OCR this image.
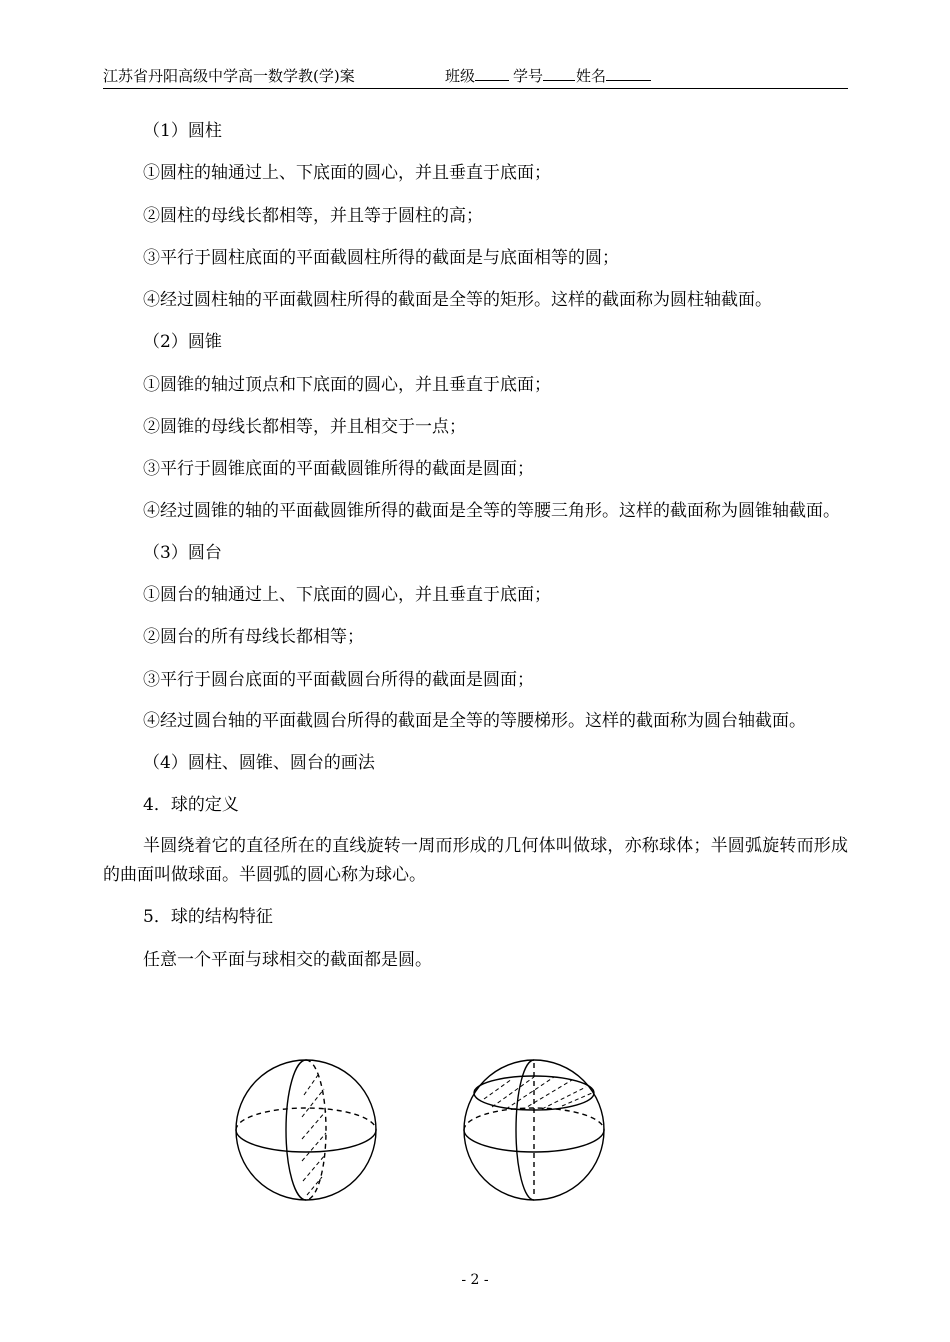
江苏省丹阳高级中学高一数学教(学)案	班级	学号 姓名
（1）圆柱
①圆柱的轴通过上、下底面的圆心，并且垂直于底面；
②圆柱的母线长都相等，并且等于圆柱的高；
③平行于圆柱底面的平面截圆柱所得的截面是与底面相等的圆；
④经过圆柱轴的平面截圆柱所得的截面是全等的矩形。这样的截面称为圆柱轴截面。
（2）圆锥
①圆锥的轴过顶点和下底面的圆心，并且垂直于底面；
②圆锥的母线长都相等，并且相交于一点；
③平行于圆锥底面的平面截圆锥所得的截面是圆面；
④经过圆锥的轴的平面截圆锥所得的截面是全等的等腰三角形。这样的截面称为圆锥轴截面。
（3）圆台
①圆台的轴通过上、下底面的圆心，并且垂直于底面；
②圆台的所有母线长都相等；
③平行于圆台底面的平面截圆台所得的截面是圆面；
④经过圆台轴的平面截圆台所得的截面是全等的等腰梯形。这样的截面称为圆台轴截面。
（4）圆柱、圆锥、圆台的画法
4．球的定义
半圆绕着它的直径所在的直线旋转一周而形成的几何体叫做球，亦称球体；半圆弧旋转而形成的曲面叫做球面。半圆弧的圆心称为球心。
5．球的结构特征
任意一个平面与球相交的截面都是圆。
- 2 -
